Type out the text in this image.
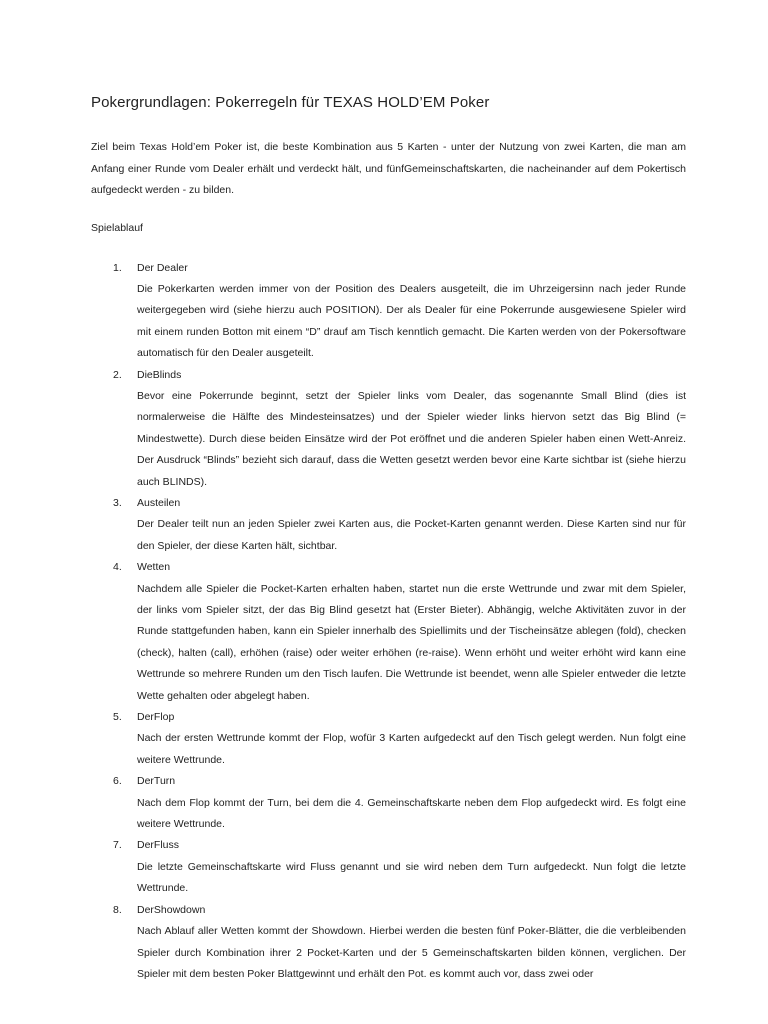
Pokergrundlagen: Pokerregeln für TEXAS HOLD’EM Poker

Ziel beim Texas Hold’em Poker ist, die beste Kombination aus 5 Karten - unter der Nutzung von zwei Karten, die man am Anfang einer Runde vom Dealer erhält und verdeckt hält, und fünfGemeinschaftskarten, die nacheinander auf dem Pokertisch aufgedeckt werden - zu bilden.

Spielablauf
1. Der Dealer
Die Pokerkarten werden immer von der Position des Dealers ausgeteilt, die im Uhrzeigersinn nach jeder Runde weitergegeben wird (siehe hierzu auch POSITION). Der als Dealer für eine Pokerrunde ausgewiesene Spieler wird mit einem runden Botton mit einem “D” drauf am Tisch kenntlich gemacht. Die Karten werden von der Pokersoftware automatisch für den Dealer ausgeteilt.
2. DieBlinds
Bevor eine Pokerrunde beginnt, setzt der Spieler links vom Dealer, das sogenannte Small Blind (dies ist normalerweise die Hälfte des Mindesteinsatzes) und der Spieler wieder links hiervon setzt das Big Blind (= Mindestwette). Durch diese beiden Einsätze wird der Pot eröffnet und die anderen Spieler haben einen Wett-Anreiz. Der Ausdruck “Blinds” bezieht sich darauf, dass die Wetten gesetzt werden bevor eine Karte sichtbar ist (siehe hierzu auch BLINDS).
3. Austeilen
Der Dealer teilt nun an jeden Spieler zwei Karten aus, die Pocket-Karten genannt werden. Diese Karten sind nur für den Spieler, der diese Karten hält, sichtbar.
4. Wetten
Nachdem alle Spieler die Pocket-Karten erhalten haben, startet nun die erste Wettrunde und zwar mit dem Spieler, der links vom Spieler sitzt, der das Big Blind gesetzt hat (Erster Bieter). Abhängig, welche Aktivitäten zuvor in der Runde stattgefunden haben, kann ein Spieler innerhalb des Spiellimits und der Tischeinsätze ablegen (fold), checken (check), halten (call), erhöhen (raise) oder weiter erhöhen (re-raise). Wenn erhöht und weiter erhöht wird kann eine Wettrunde so mehrere Runden um den Tisch laufen. Die Wettrunde ist beendet, wenn alle Spieler entweder die letzte Wette gehalten oder abgelegt haben.
5. DerFlop
Nach der ersten Wettrunde kommt der Flop, wofür 3 Karten aufgedeckt auf den Tisch gelegt werden. Nun folgt eine weitere Wettrunde.
6. DerTurn
Nach dem Flop kommt der Turn, bei dem die 4. Gemeinschaftskarte neben dem Flop aufgedeckt wird. Es folgt eine weitere Wettrunde.
7. DerFluss
Die letzte Gemeinschaftskarte wird Fluss genannt und sie wird neben dem Turn aufgedeckt. Nun folgt die letzte Wettrunde.
8. DerShowdown
Nach Ablauf aller Wetten kommt der Showdown. Hierbei werden die besten fünf Poker-Blätter, die die verbleibenden Spieler durch Kombination ihrer 2 Pocket-Karten und der 5 Gemeinschaftskarten bilden können, verglichen. Der Spieler mit dem besten Poker Blattgewinnt und erhält den Pot. es kommt auch vor, dass zwei oder
